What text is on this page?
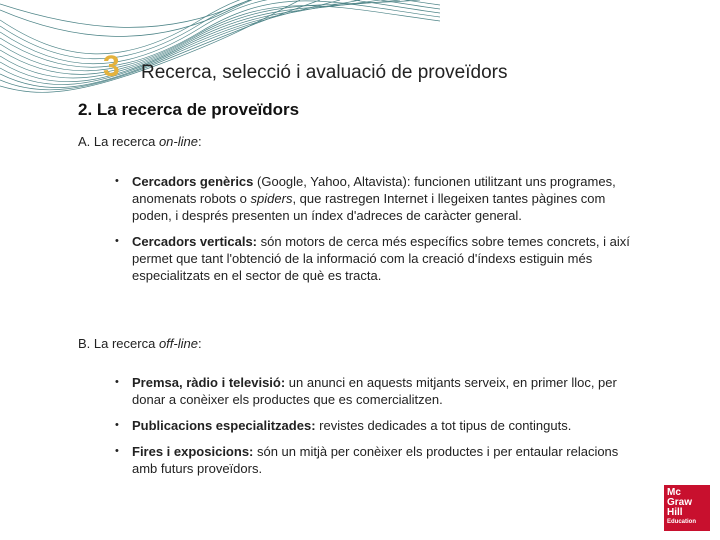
3 Recerca, selecció i avaluació de proveïdors
2. La recerca de proveïdors
A. La recerca on-line:
• Cercadors genèrics (Google, Yahoo, Altavista): funcionen utilitzant uns programes, anomenats robots o spiders, que rastregen Internet i llegeixen tantes pàgines com poden, i després presenten un índex d'adreces de caràcter general.
• Cercadors verticals: són motors de cerca més específics sobre temes concrets, i així permet que tant l'obtenció de la informació com la creació d'índexs estiguin més especialitzats en el sector de què es tracta.
B. La recerca off-line:
• Premsa, ràdio i televisió: un anunci en aquests mitjants serveix, en primer lloc, per donar a conèixer els productes que es comercialitzen.
• Publicacions especialitzades: revistes dedicades a tot tipus de continguts.
• Fires i exposicions: són un mitjà per conèixer els productes i per entaular relacions amb futurs proveïdors.
Mc
Graw
Hill
Education
